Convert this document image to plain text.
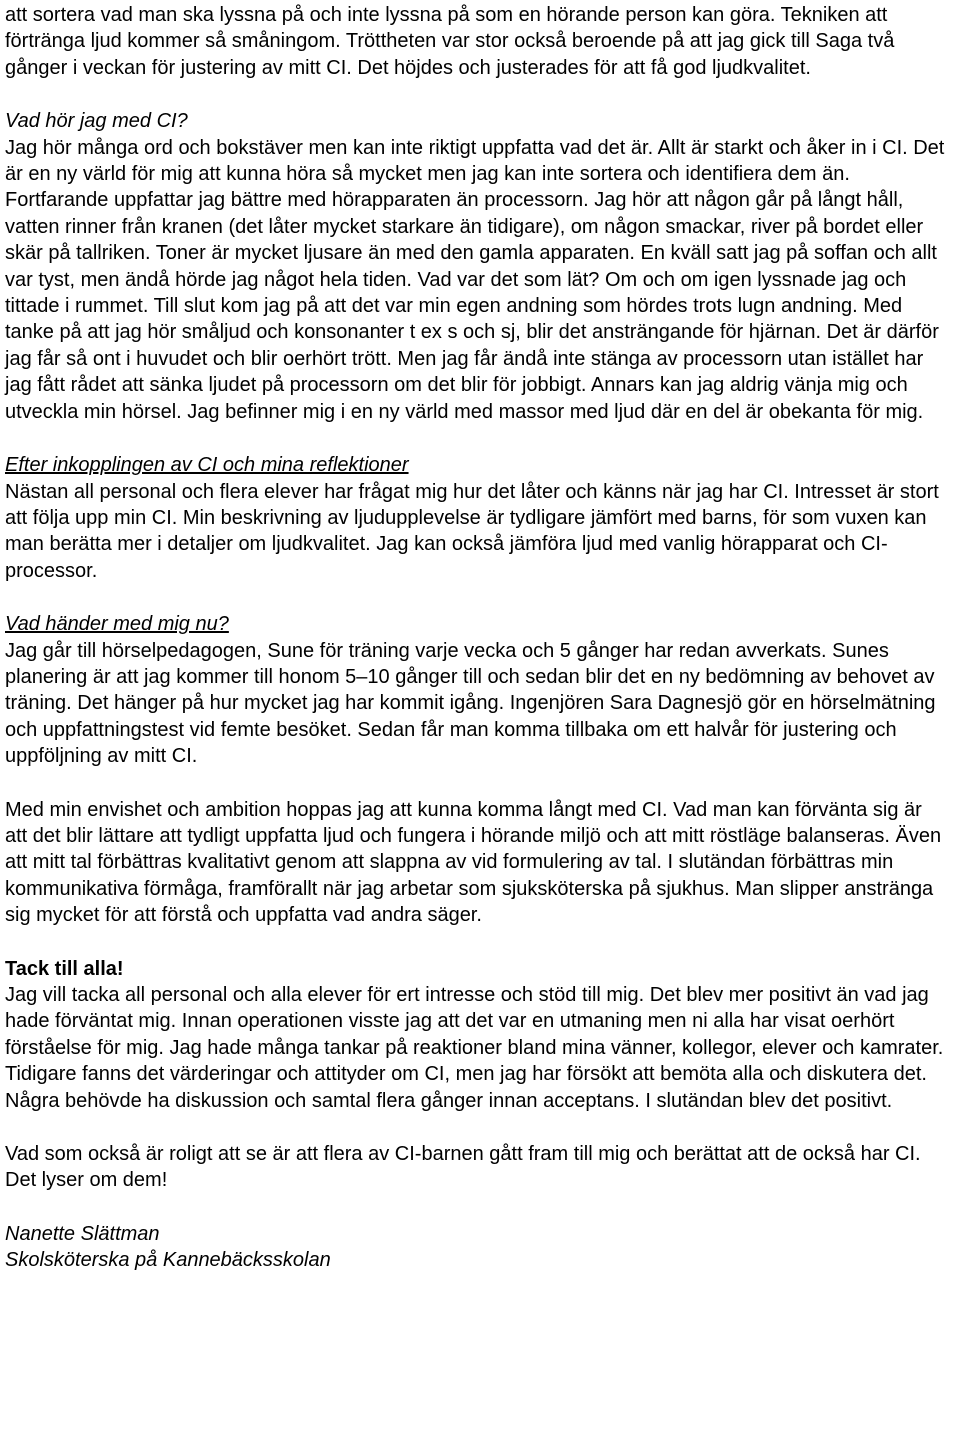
att sortera vad man ska lyssna på och inte lyssna på som en hörande person kan göra. Tekniken att förtränga ljud kommer så småningom. Tröttheten var stor också beroende på att jag gick till Saga två gånger i veckan för justering av mitt CI. Det höjdes och justerades för att få god ljudkvalitet.

Vad hör jag med CI?

Jag hör många ord och bokstäver men kan inte riktigt uppfatta vad det är. Allt är starkt och åker in i CI. Det är en ny värld för mig att kunna höra så mycket men jag kan inte sortera och identifiera dem än. Fortfarande uppfattar jag bättre med hörapparaten än processorn. Jag hör att någon går på långt håll, vatten rinner från kranen (det låter mycket starkare än tidigare), om någon smackar, river på bordet eller skär på tallriken. Toner är mycket ljusare än med den gamla apparaten. En kväll satt jag på soffan och allt var tyst, men ändå hörde jag något hela tiden. Vad var det som lät? Om och om igen lyssnade jag och tittade i rummet. Till slut kom jag på att det var min egen andning som hördes trots lugn andning. Med tanke på att jag hör småljud och konsonanter t ex s och sj, blir det ansträngande för hjärnan. Det är därför jag får så ont i huvudet och blir oerhört trött. Men jag får ändå inte stänga av processorn utan istället har jag fått rådet att sänka ljudet på processorn om det blir för jobbigt. Annars kan jag aldrig vänja mig och utveckla min hörsel. Jag befinner mig i en ny värld med massor med ljud där en del är obekanta för mig.

Efter inkopplingen av CI och mina reflektioner

Nästan all personal och flera elever har frågat mig hur det låter och känns när jag har CI. Intresset är stort att följa upp min CI. Min beskrivning av ljudupplevelse är tydligare jämfört med barns, för som vuxen kan man berätta mer i detaljer om ljudkvalitet. Jag kan också jämföra ljud med vanlig hörapparat och CI-processor.

Vad händer med mig nu?

Jag går till hörselpedagogen, Sune för träning varje vecka och 5 gånger har redan avverkats. Sunes planering är att jag kommer till honom 5–10 gånger till och sedan blir det en ny bedömning av behovet av träning. Det hänger på hur mycket jag har kommit igång. Ingenjören Sara Dagnesjö gör en hörselmätning och uppfattningstest vid femte besöket. Sedan får man komma tillbaka om ett halvår för justering och uppföljning av mitt CI.

Med min envishet och ambition hoppas jag att kunna komma långt med CI. Vad man kan förvänta sig är att det blir lättare att tydligt uppfatta ljud och fungera i hörande miljö och att mitt röstläge balanseras. Även att mitt tal förbättras kvalitativt genom att slappna av vid formulering av tal. I slutändan förbättras min kommunikativa förmåga, framförallt när jag arbetar som sjuksköterska på sjukhus. Man slipper anstränga sig mycket för att förstå och uppfatta vad andra säger.

Tack till alla!

Jag vill tacka all personal och alla elever för ert intresse och stöd till mig. Det blev mer positivt än vad jag hade förväntat mig. Innan operationen visste jag att det var en utmaning men ni alla har visat oerhört förståelse för mig. Jag hade många tankar på reaktioner bland mina vänner, kollegor, elever och kamrater. Tidigare fanns det värderingar och attityder om CI, men jag har försökt att bemöta alla och diskutera det. Några behövde ha diskussion och samtal flera gånger innan acceptans. I slutändan blev det positivt.

Vad som också är roligt att se är att flera av CI-barnen gått fram till mig och berättat att de också har CI. Det lyser om dem!

Nanette Slättman

Skolsköterska på Kannebäcksskolan
